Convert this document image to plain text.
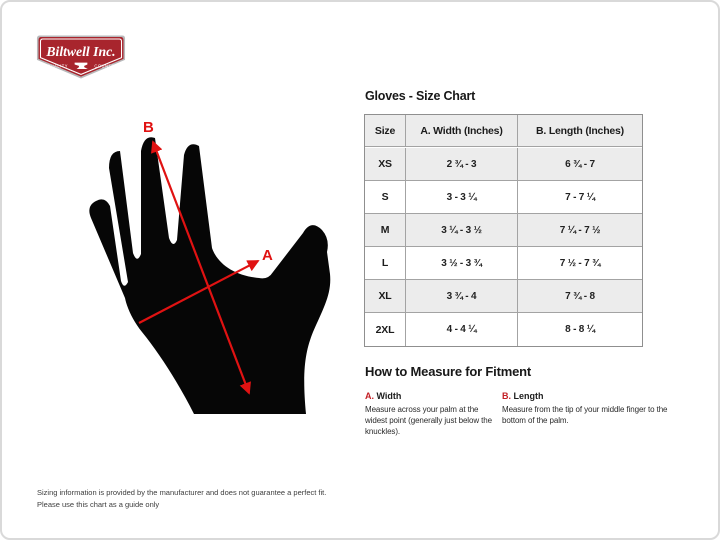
Biltwell Inc.
“QUALITY	COUNTS”
B
A
Gloves - Size Chart
Size	A. Width (Inches)	B. Length (Inches)
XS	2 ¾ - 3	6 ¾ - 7
S	3 - 3 ¼	7 - 7 ¼
M	3 ¼ - 3 ½	7 ¼ - 7 ½
L	3 ½ - 3 ¾	7 ½ - 7 ¾
XL	3 ¾ - 4	7 ¾ - 8
2XL	4 - 4 ¼	8 - 8 ¼
How to Measure for Fitment
A. Width

Measure across your palm at the widest point (generally just below the knuckles).

B. Length

Measure from the tip of your middle finger to the bottom of the palm.

Sizing information is provided by the manufacturer and does not guarantee a perfect fit.
Please use this chart as a guide only
